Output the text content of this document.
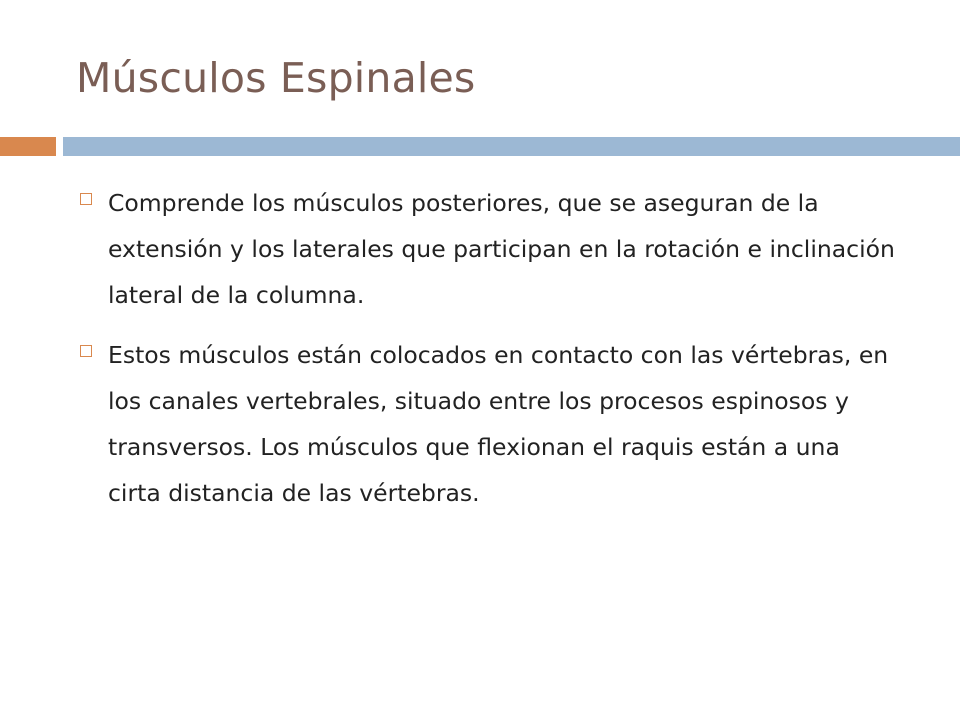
Músculos Espinales
Comprende los músculos posteriores, que se aseguran de la extensión y los laterales que participan en la rotación e inclinación lateral de la columna.
Estos músculos están colocados en contacto con las vértebras, en los canales vertebrales, situado entre los procesos espinosos y transversos. Los músculos que flexionan el raquis están a una cirta distancia de las vértebras.
